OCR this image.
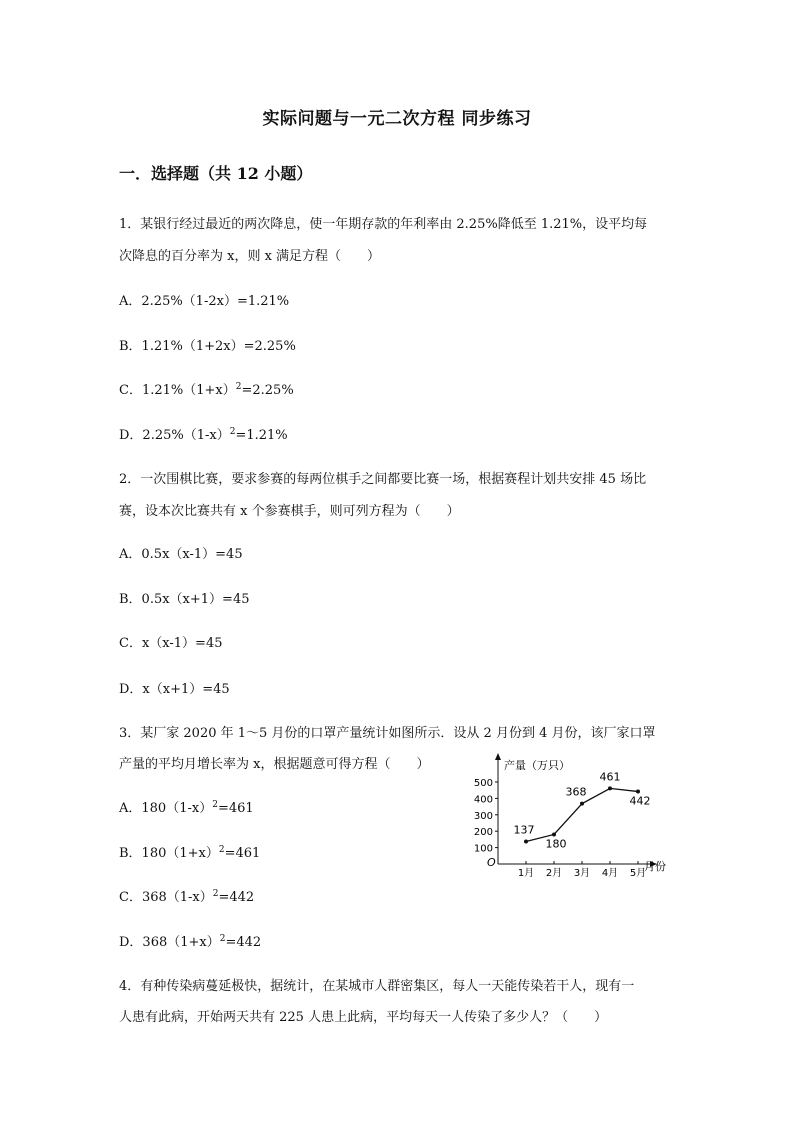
实际问题与一元二次方程 同步练习
一．选择题（共 12 小题）
1．某银行经过最近的两次降息，使一年期存款的年利率由 2.25%降低至 1.21%，设平均每
次降息的百分率为 x，则 x 满足方程（　　）
A．2.25%（1-2x）=1.21%
B．1.21%（1+2x）=2.25%
C．$1.21\%(1+x)^2=2.25\%$
D．$2.25\%(1-x)^2=1.21\%$
2．一次围棋比赛，要求参赛的每两位棋手之间都要比赛一场，根据赛程计划共安排 45 场比
赛，设本次比赛共有 x 个参赛棋手，则可列方程为（　　）
A．0.5x（x-1）=45
B．0.5x（x+1）=45
C．x（x-1）=45
D．x（x+1）=45
3．某厂家 2020 年 1～5 月份的口罩产量统计如图所示．设从 2 月份到 4 月份，该厂家口罩
产量的平均月增长率为 x，根据题意可得方程（　　）
A．$180(1-x)^2=461$
B．$180(1+x)^2=461$
C．$368(1-x)^2=442$
D．$368(1+x)^2=442$
4．有种传染病蔓延极快，据统计，在某城市人群密集区，每人一天能传染若干人，现有一
人患有此病，开始两天共有 225 人患上此病，平均每天一人传染了多少人？（　　）
产量（万只）
月份
O
100
200
300
400
500
1月 2月 3月 4月 5月
137
180
368
461
442
